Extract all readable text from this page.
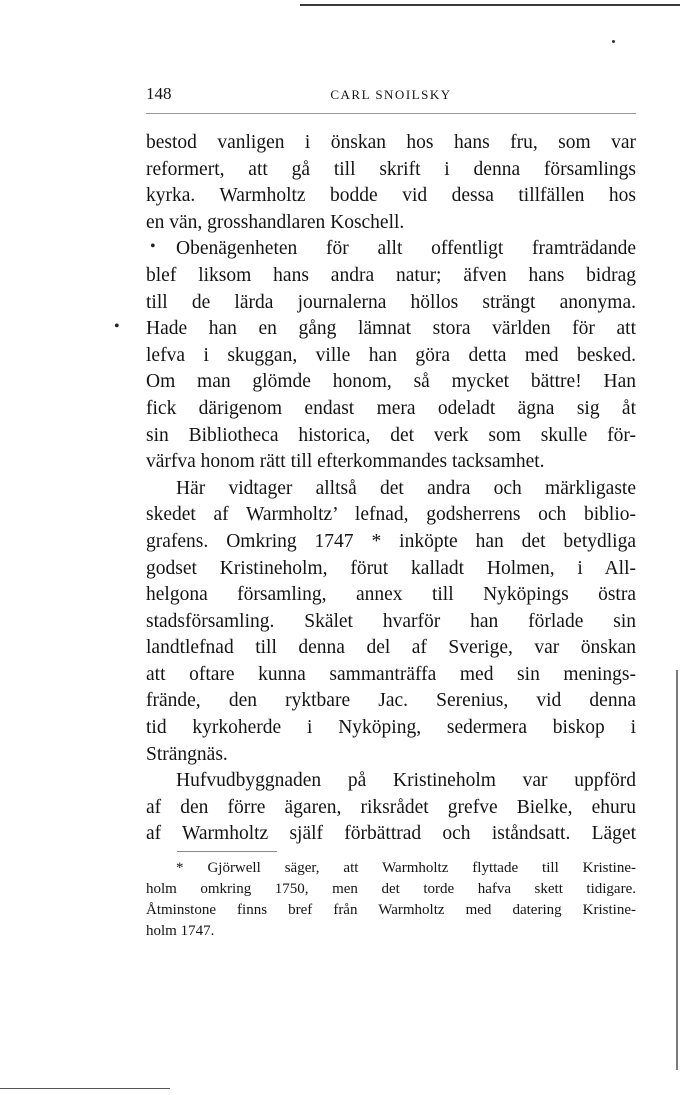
148	CARL SNOILSKY
•
•
bestod vanligen i önskan hos hans fru, som var
reformert, att gå till skrift i denna församlings
kyrka. Warmholtz bodde vid dessa tillfällen hos
en vän, grosshandlaren Koschell.
Obenägenheten för allt offentligt framträdande
blef liksom hans andra natur; äfven hans bidrag
till de lärda journalerna höllos strängt anonyma.
Hade han en gång lämnat stora världen för att
lefva i skuggan, ville han göra detta med besked.
Om man glömde honom, så mycket bättre! Han
fick därigenom endast mera odeladt ägna sig åt
sin Bibliotheca historica, det verk som skulle för-
värfva honom rätt till efterkommandes tacksamhet.
Här vidtager alltså det andra och märkligaste
skedet af Warmholtz’ lefnad, godsherrens och biblio-
grafens. Omkring 1747 * inköpte han det betydliga
godset Kristineholm, förut kalladt Holmen, i All-
helgona församling, annex till Nyköpings östra
stadsförsamling. Skälet hvarför han förlade sin
landtlefnad till denna del af Sverige, var önskan
att oftare kunna sammanträffa med sin menings-
frände, den ryktbare Jac. Serenius, vid denna
tid kyrkoherde i Nyköping, sedermera biskop i
Strängnäs.
Hufvudbyggnaden på Kristineholm var uppförd
af den förre ägaren, riksrådet grefve Bielke, ehuru
af Warmholtz själf förbättrad och iståndsatt. Läget
* Gjörwell säger, att Warmholtz flyttade till Kristine-
holm omkring 1750, men det torde hafva skett tidigare.
Åtminstone finns bref från Warmholtz med datering Kristine-
holm 1747.
